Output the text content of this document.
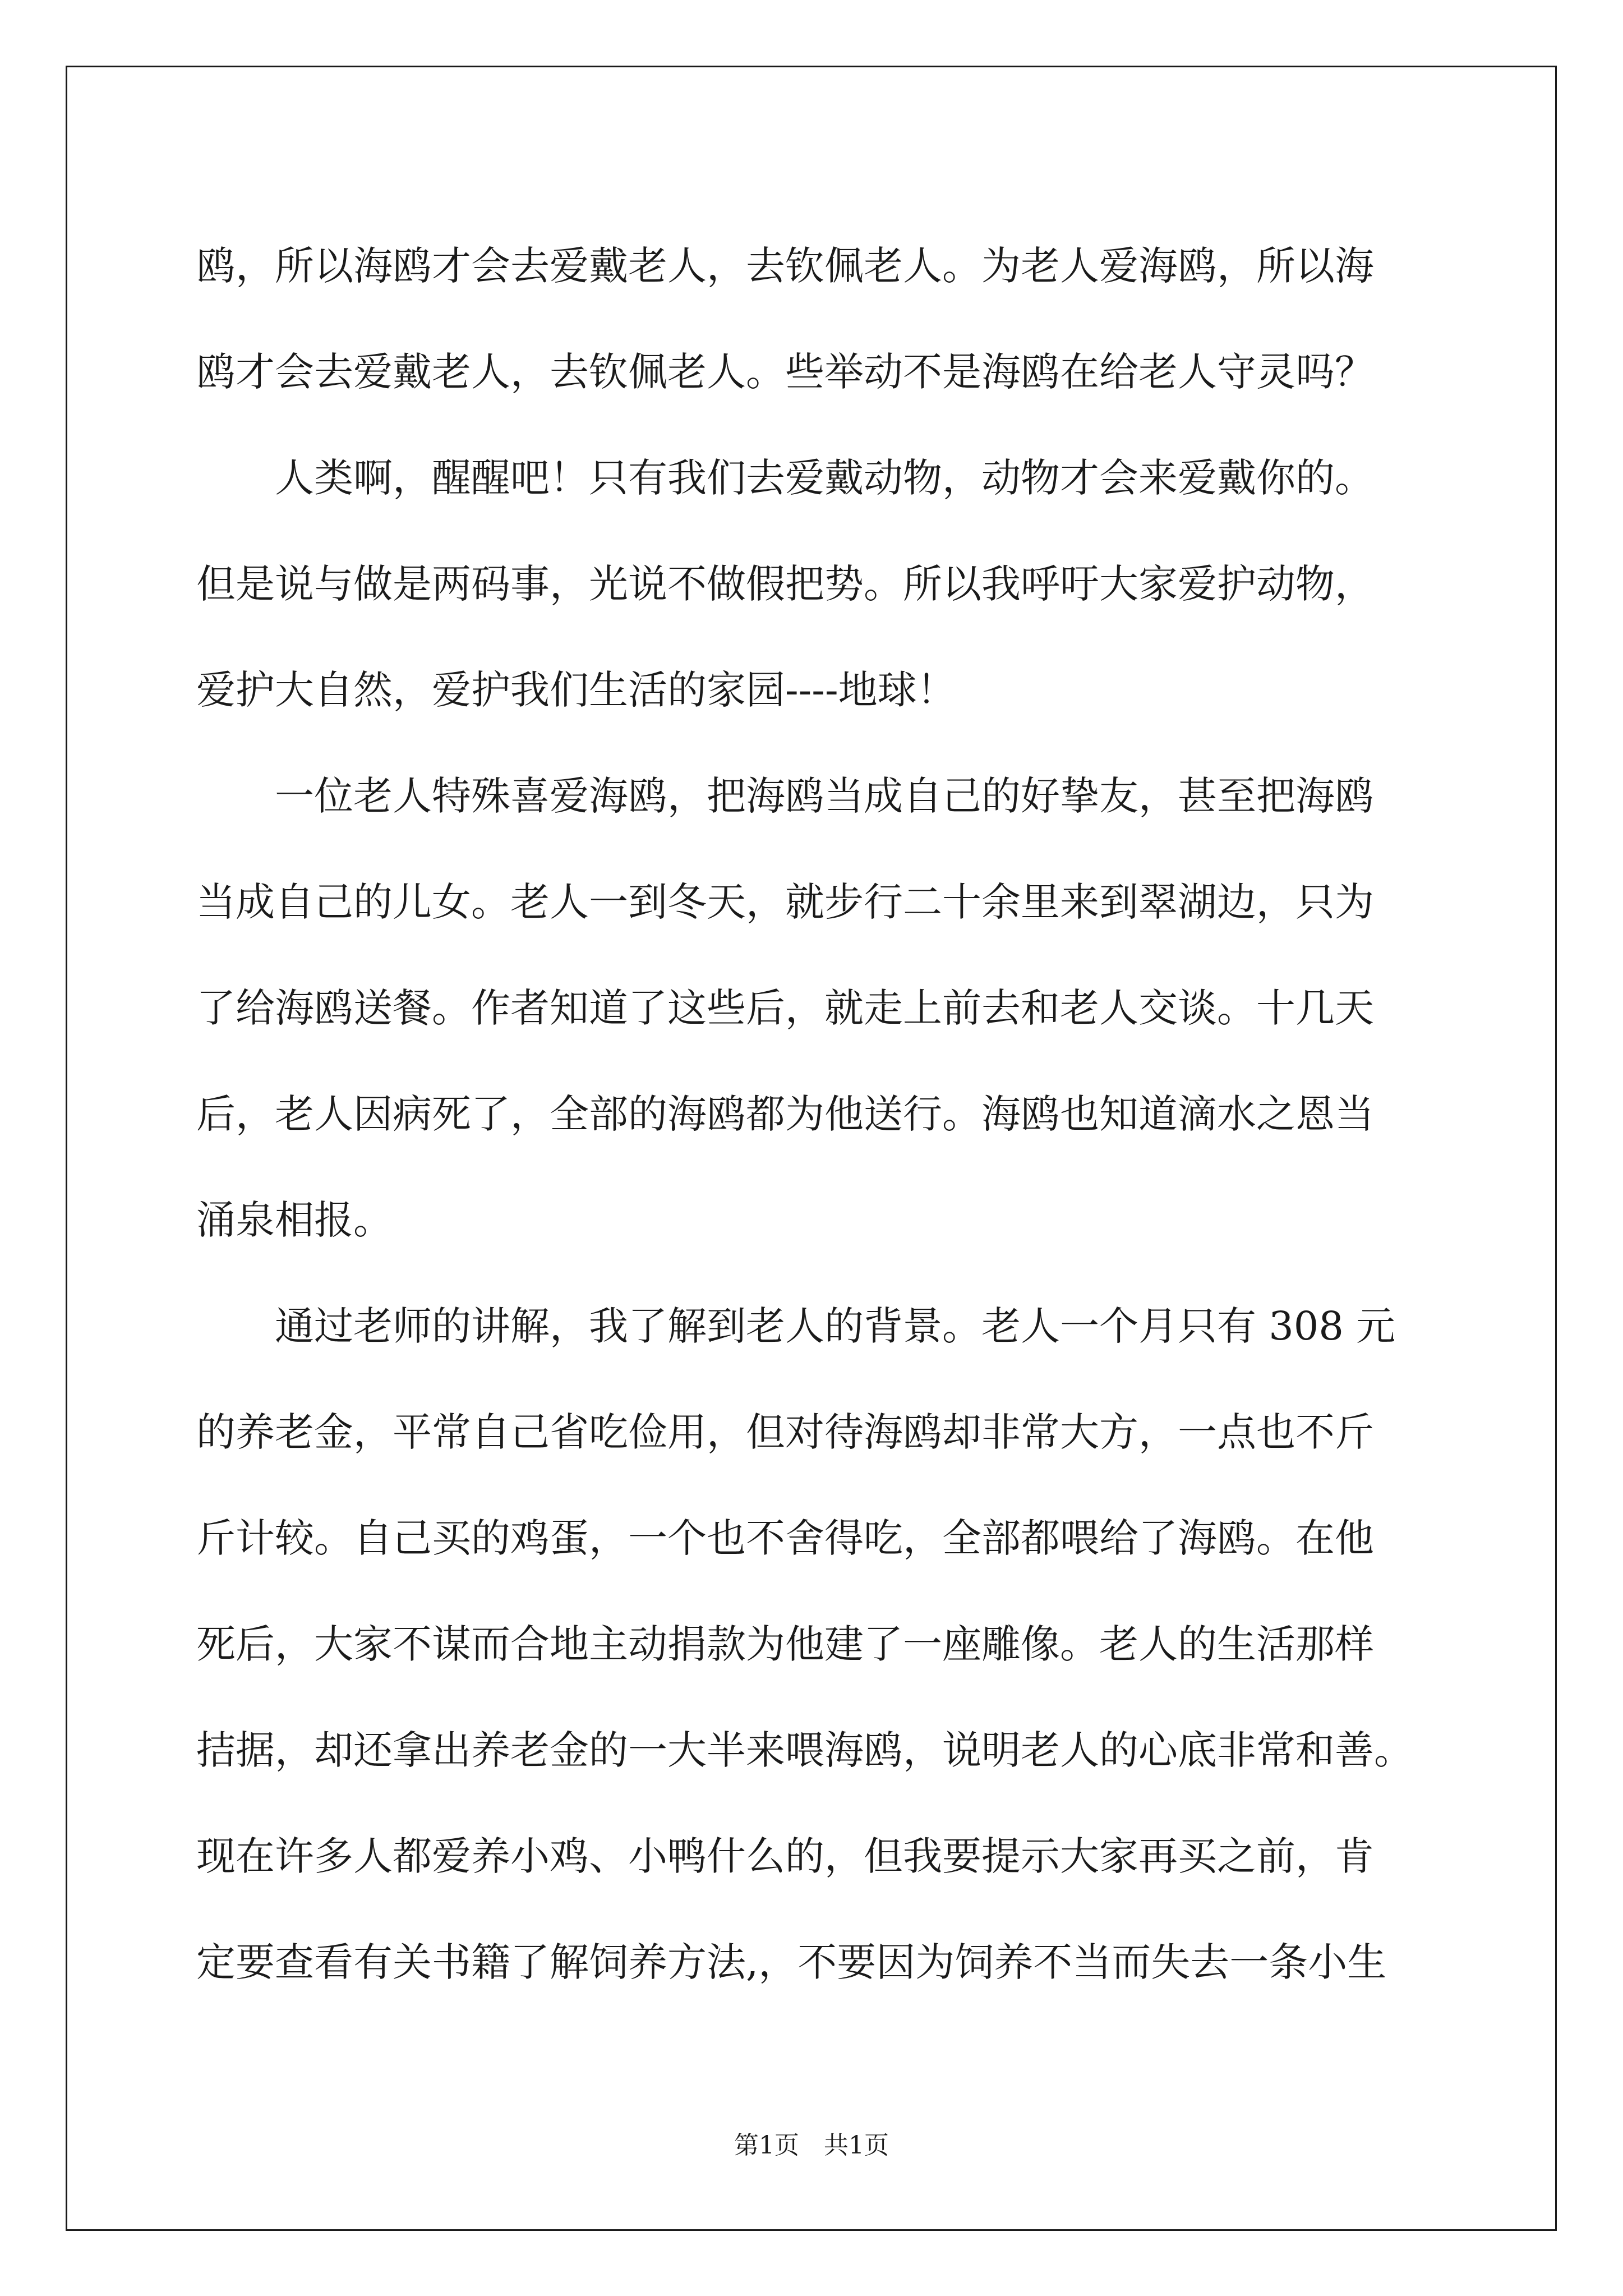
鸥，所以海鸥才会去爱戴老人，去钦佩老人。为老人爱海鸥，所以海
鸥才会去爱戴老人，去钦佩老人。些举动不是海鸥在给老人守灵吗？
人类啊，醒醒吧！只有我们去爱戴动物，动物才会来爱戴你的。
但是说与做是两码事，光说不做假把势。所以我呼吁大家爱护动物，
爱护大自然，爱护我们生活的家园----地球！
一位老人特殊喜爱海鸥，把海鸥当成自己的好挚友，甚至把海鸥
当成自己的儿女。老人一到冬天，就步行二十余里来到翠湖边，只为
了给海鸥送餐。作者知道了这些后，就走上前去和老人交谈。十几天
后，老人因病死了，全部的海鸥都为他送行。海鸥也知道滴水之恩当
涌泉相报。
通过老师的讲解，我了解到老人的背景。老人一个月只有 308 元
的养老金，平常自己省吃俭用，但对待海鸥却非常大方，一点也不斤
斤计较。自己买的鸡蛋，一个也不舍得吃，全部都喂给了海鸥。在他
死后，大家不谋而合地主动捐款为他建了一座雕像。老人的生活那样
拮据，却还拿出养老金的一大半来喂海鸥，说明老人的心底非常和善。
现在许多人都爱养小鸡、小鸭什么的，但我要提示大家再买之前，肯
定要查看有关书籍了解饲养方法,，不要因为饲养不当而失去一条小生
第1页　共1页
